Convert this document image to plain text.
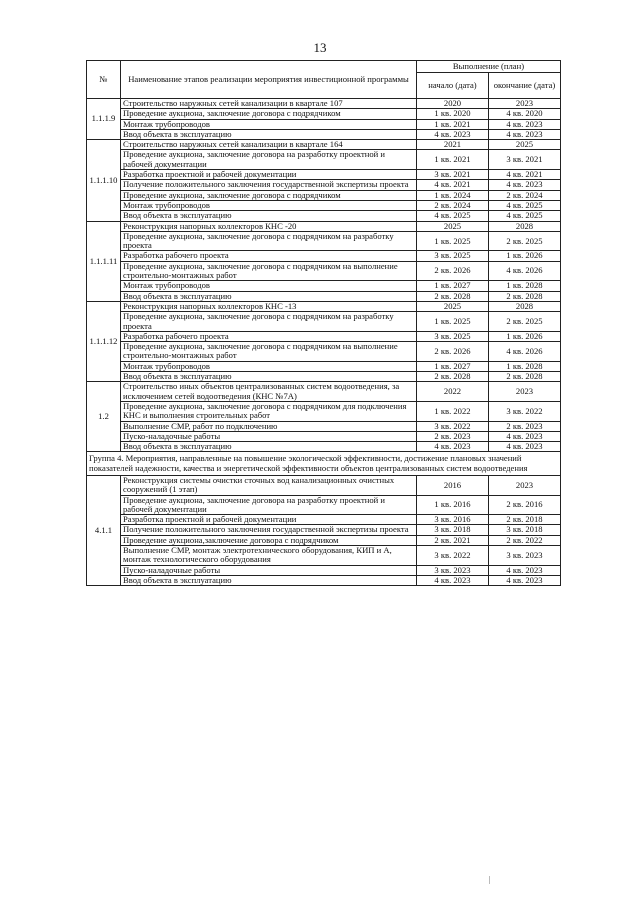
13
№	Наименование этапов реализации мероприятия инвестиционной программы	Выполнение (план)	
		начало (дата)	окончание (дата)
1.1.1.9	Строительство наружных сетей канализации в квартале 107	2020	2023
	Проведение аукциона, заключение договора с подрядчиком	1 кв. 2020	4 кв. 2020
	Монтаж трубопроводов	1 кв. 2021	4 кв. 2023
	Ввод объекта в эксплуатацию	4 кв. 2023	4 кв. 2023
1.1.1.10	Строительство наружных сетей канализации в квартале 164	2021	2025
	Проведение аукциона, заключение договора на разработку проектной и рабочей документации	1 кв. 2021	3 кв. 2021
	Разработка проектной и рабочей документации	3 кв. 2021	4 кв. 2021
	Получение положительного заключения государственной экспертизы проекта	4 кв. 2021	4 кв. 2023
	Проведение аукциона, заключение договора с подрядчиком	1 кв. 2024	2 кв. 2024
	Монтаж трубопроводов	2 кв. 2024	4 кв. 2025
	Ввод объекта в эксплуатацию	4 кв. 2025	4 кв. 2025
1.1.1.11	Реконструкция напорных коллекторов КНС -20	2025	2028
	Проведение аукциона, заключение договора с подрядчиком на разработку проекта	1 кв. 2025	2 кв. 2025
	Разработка рабочего проекта	3 кв. 2025	1 кв. 2026
	Проведение аукциона, заключение договора с подрядчиком на выполнение строительно-монтажных работ	2 кв. 2026	4 кв. 2026
	Монтаж трубопроводов	1 кв. 2027	1 кв. 2028
	Ввод объекта в эксплуатацию	2 кв. 2028	2 кв. 2028
1.1.1.12	Реконструкция напорных коллекторов КНС -13	2025	2028
	Проведение аукциона, заключение договора с подрядчиком на разработку проекта	1 кв. 2025	2 кв. 2025
	Разработка рабочего проекта	3 кв. 2025	1 кв. 2026
	Проведение аукциона, заключение договора с подрядчиком на выполнение строительно-монтажных работ	2 кв. 2026	4 кв. 2026
	Монтаж трубопроводов	1 кв. 2027	1 кв. 2028
	Ввод объекта в эксплуатацию	2 кв. 2028	2 кв. 2028
1.2	Строительство иных объектов централизованных систем водоотведения, за исключением сетей водоотведения (КНС №7А)	2022	2023
	Проведение аукциона, заключение договора с подрядчиком для подключения КНС и выполнения строительных работ	1 кв. 2022	3 кв. 2022
	Выполнение СМР, работ по подключению	3 кв. 2022	2 кв. 2023
	Пуско-наладочные работы	2 кв. 2023	4 кв. 2023
	Ввод объекта в эксплуатацию	4 кв. 2023	4 кв. 2023
Группа 4. Мероприятия, направленные на повышение экологической эффективности, достижение плановых значений показателей надежности, качества и энергетической эффективности объектов централизованных систем водоотведения			
4.1.1	Реконструкция системы очистки сточных вод канализационных очистных сооружений (1 этап)	2016	2023
	Проведение аукциона, заключение договора на разработку проектной и рабочей документации	1 кв. 2016	2 кв. 2016
	Разработка проектной и рабочей документации	3 кв. 2016	2 кв. 2018
	Получение положительного заключения государственной экспертизы проекта	3 кв. 2018	3 кв. 2018
	Проведение аукциона,заключение договора с подрядчиком	2 кв. 2021	2 кв. 2022
	Выполнение СМР, монтаж электротехнического оборудования, КИП и А, монтаж технологического оборудования	3 кв. 2022	3 кв. 2023
	Пуско-наладочные работы	3 кв. 2023	4 кв. 2023
	Ввод объекта в эксплуатацию	4 кв. 2023	4 кв. 2023
